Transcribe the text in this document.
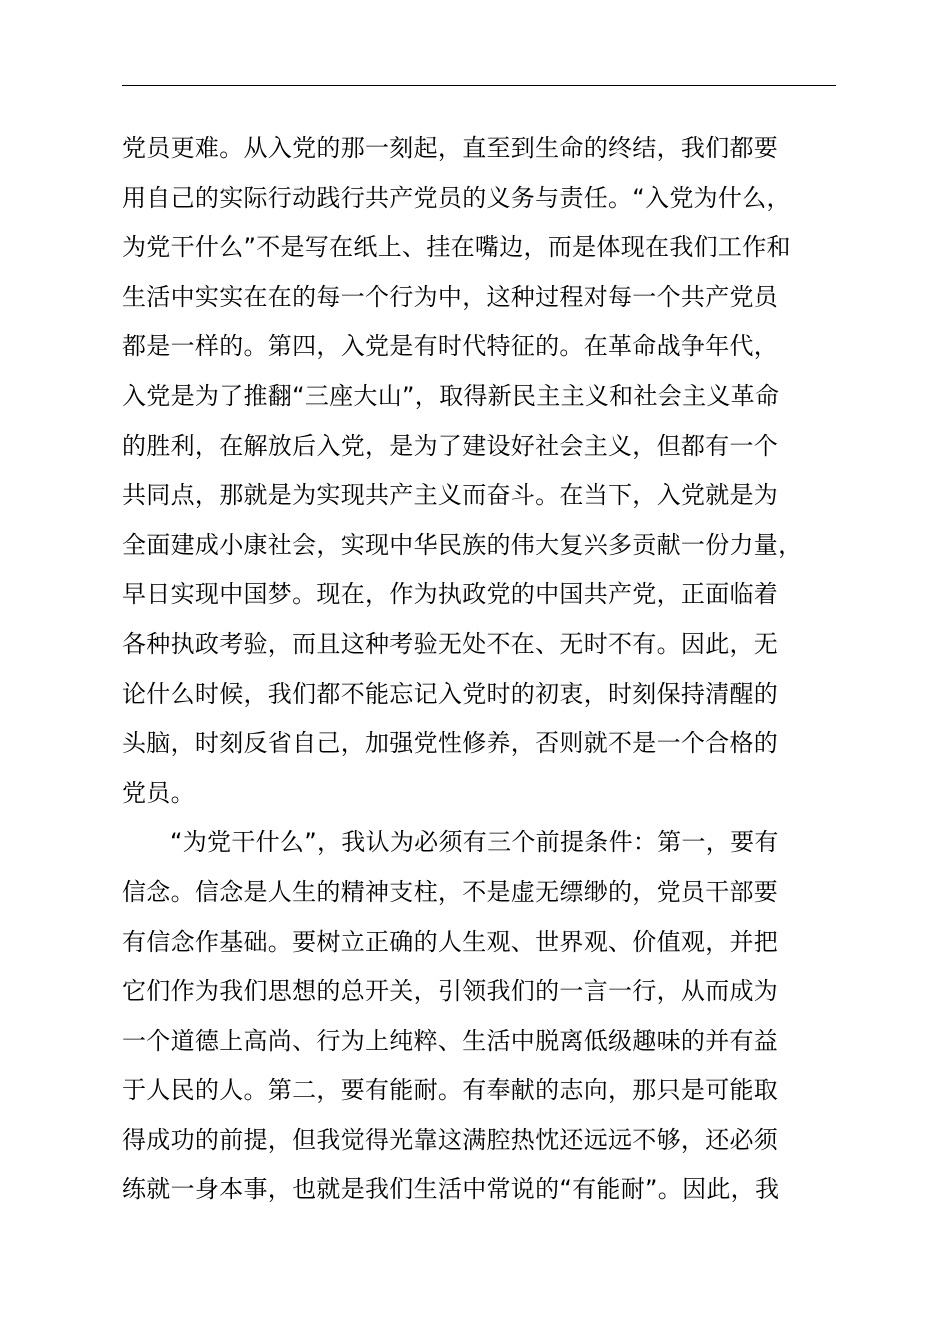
党员更难。从入党的那一刻起，直至到生命的终结，我们都要
用自己的实际行动践行共产党员的义务与责任。“入党为什么，
为党干什么”不是写在纸上、挂在嘴边，而是体现在我们工作和
生活中实实在在的每一个行为中，这种过程对每一个共产党员
都是一样的。第四，入党是有时代特征的。在革命战争年代，
入党是为了推翻“三座大山”，取得新民主主义和社会主义革命
的胜利，在解放后入党，是为了建设好社会主义，但都有一个
共同点，那就是为实现共产主义而奋斗。在当下，入党就是为
全面建成小康社会，实现中华民族的伟大复兴多贡献一份力量，
早日实现中国梦。现在，作为执政党的中国共产党，正面临着
各种执政考验，而且这种考验无处不在、无时不有。因此，无
论什么时候，我们都不能忘记入党时的初衷，时刻保持清醒的
头脑，时刻反省自己，加强党性修养，否则就不是一个合格的
党员。
“为党干什么”，我认为必须有三个前提条件：第一，要有
信念。信念是人生的精神支柱，不是虚无缥缈的，党员干部要
有信念作基础。要树立正确的人生观、世界观、价值观，并把
它们作为我们思想的总开关，引领我们的一言一行，从而成为
一个道德上高尚、行为上纯粹、生活中脱离低级趣味的并有益
于人民的人。第二，要有能耐。有奉献的志向，那只是可能取
得成功的前提，但我觉得光靠这满腔热忱还远远不够，还必须
练就一身本事，也就是我们生活中常说的“有能耐”。因此，我
